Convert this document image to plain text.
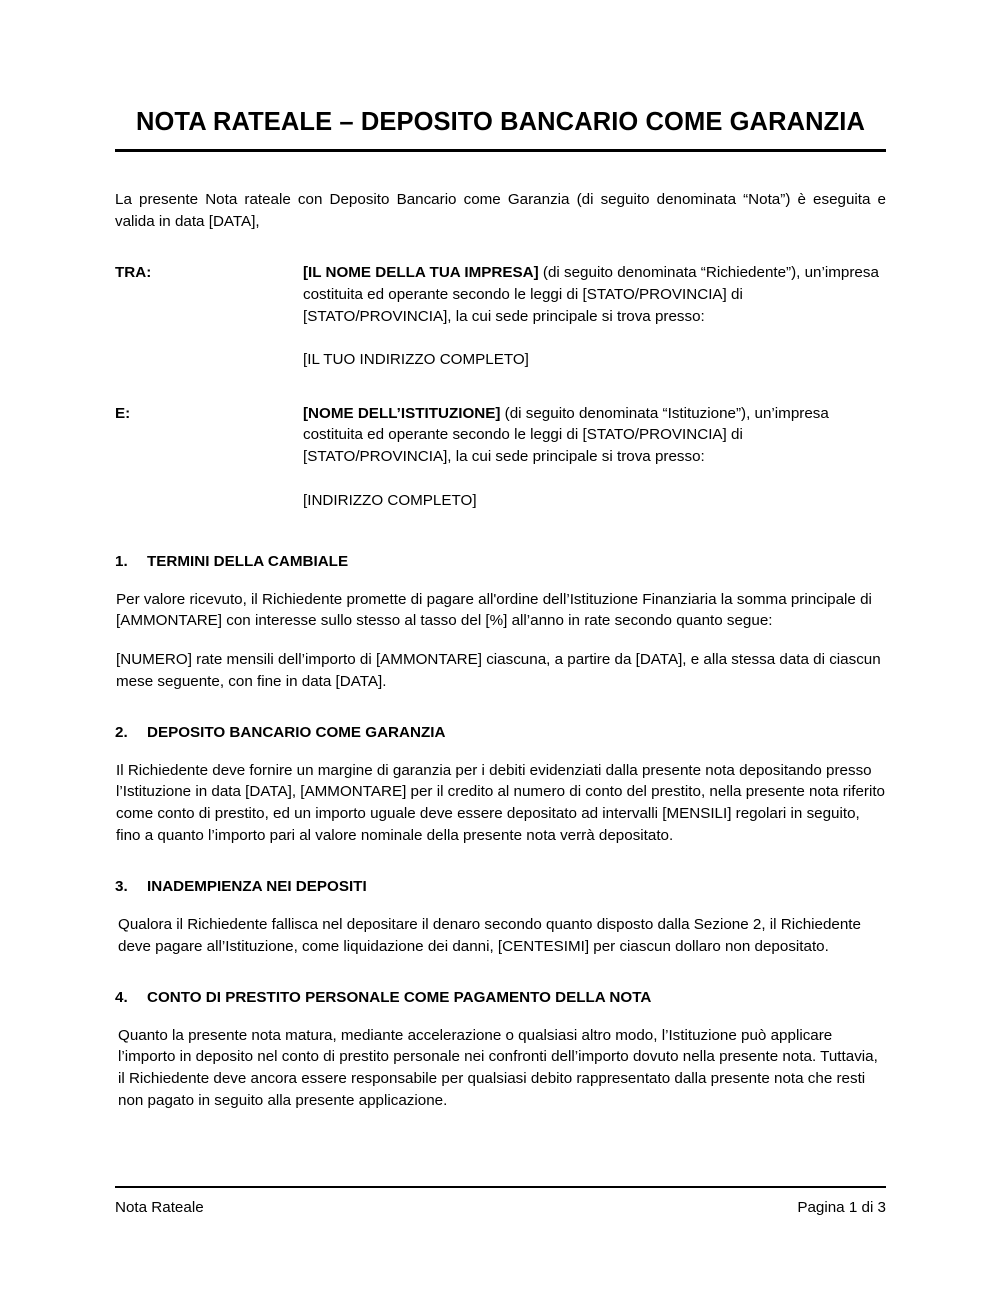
NOTA RATEALE – DEPOSITO BANCARIO COME GARANZIA

La presente Nota rateale con Deposito Bancario come Garanzia (di seguito denominata “Nota”) è eseguita e valida in data [DATA],

TRA:	[IL NOME DELLA TUA IMPRESA] (di seguito denominata “Richiedente”), un’impresa costituita ed operante secondo le leggi di [STATO/PROVINCIA] di [STATO/PROVINCIA], la cui sede principale si trova presso:
[IL TUO INDIRIZZO COMPLETO]
E:	[NOME DELL’ISTITUZIONE] (di seguito denominata “Istituzione”), un’impresa costituita ed operante secondo le leggi di [STATO/PROVINCIA] di [STATO/PROVINCIA], la cui sede principale si trova presso:
[INDIRIZZO COMPLETO]
1.	TERMINI DELLA CAMBIALE

Per valore ricevuto, il Richiedente promette di pagare all'ordine dell’Istituzione Finanziaria la somma principale di [AMMONTARE] con interesse sullo stesso al tasso del [%] all’anno in rate secondo quanto segue:

[NUMERO] rate mensili dell’importo di [AMMONTARE] ciascuna, a partire da [DATA], e alla stessa data di ciascun mese seguente, con fine in data [DATA].

2.	DEPOSITO BANCARIO COME GARANZIA

Il Richiedente deve fornire un margine di garanzia per i debiti evidenziati dalla presente nota depositando presso l’Istituzione in data [DATA], [AMMONTARE] per il credito al numero di conto del prestito, nella presente nota riferito come conto di prestito, ed un importo uguale deve essere depositato ad intervalli [MENSILI] regolari in seguito, fino a quanto l’importo pari al valore nominale della presente nota verrà depositato.

3.	INADEMPIENZA NEI DEPOSITI

Qualora il Richiedente fallisca nel depositare il denaro secondo quanto disposto dalla Sezione 2, il Richiedente deve pagare all’Istituzione, come liquidazione dei danni, [CENTESIMI] per ciascun dollaro non depositato.

4.	CONTO DI PRESTITO PERSONALE COME PAGAMENTO DELLA NOTA

Quanto la presente nota matura, mediante accelerazione o qualsiasi altro modo, l’Istituzione può applicare l’importo in deposito nel conto di prestito personale nei confronti dell’importo dovuto nella presente nota. Tuttavia, il Richiedente deve ancora essere responsabile per qualsiasi debito rappresentato dalla presente nota che resti non pagato in seguito alla presente applicazione.

Nota Rateale	Pagina 1 di 3
